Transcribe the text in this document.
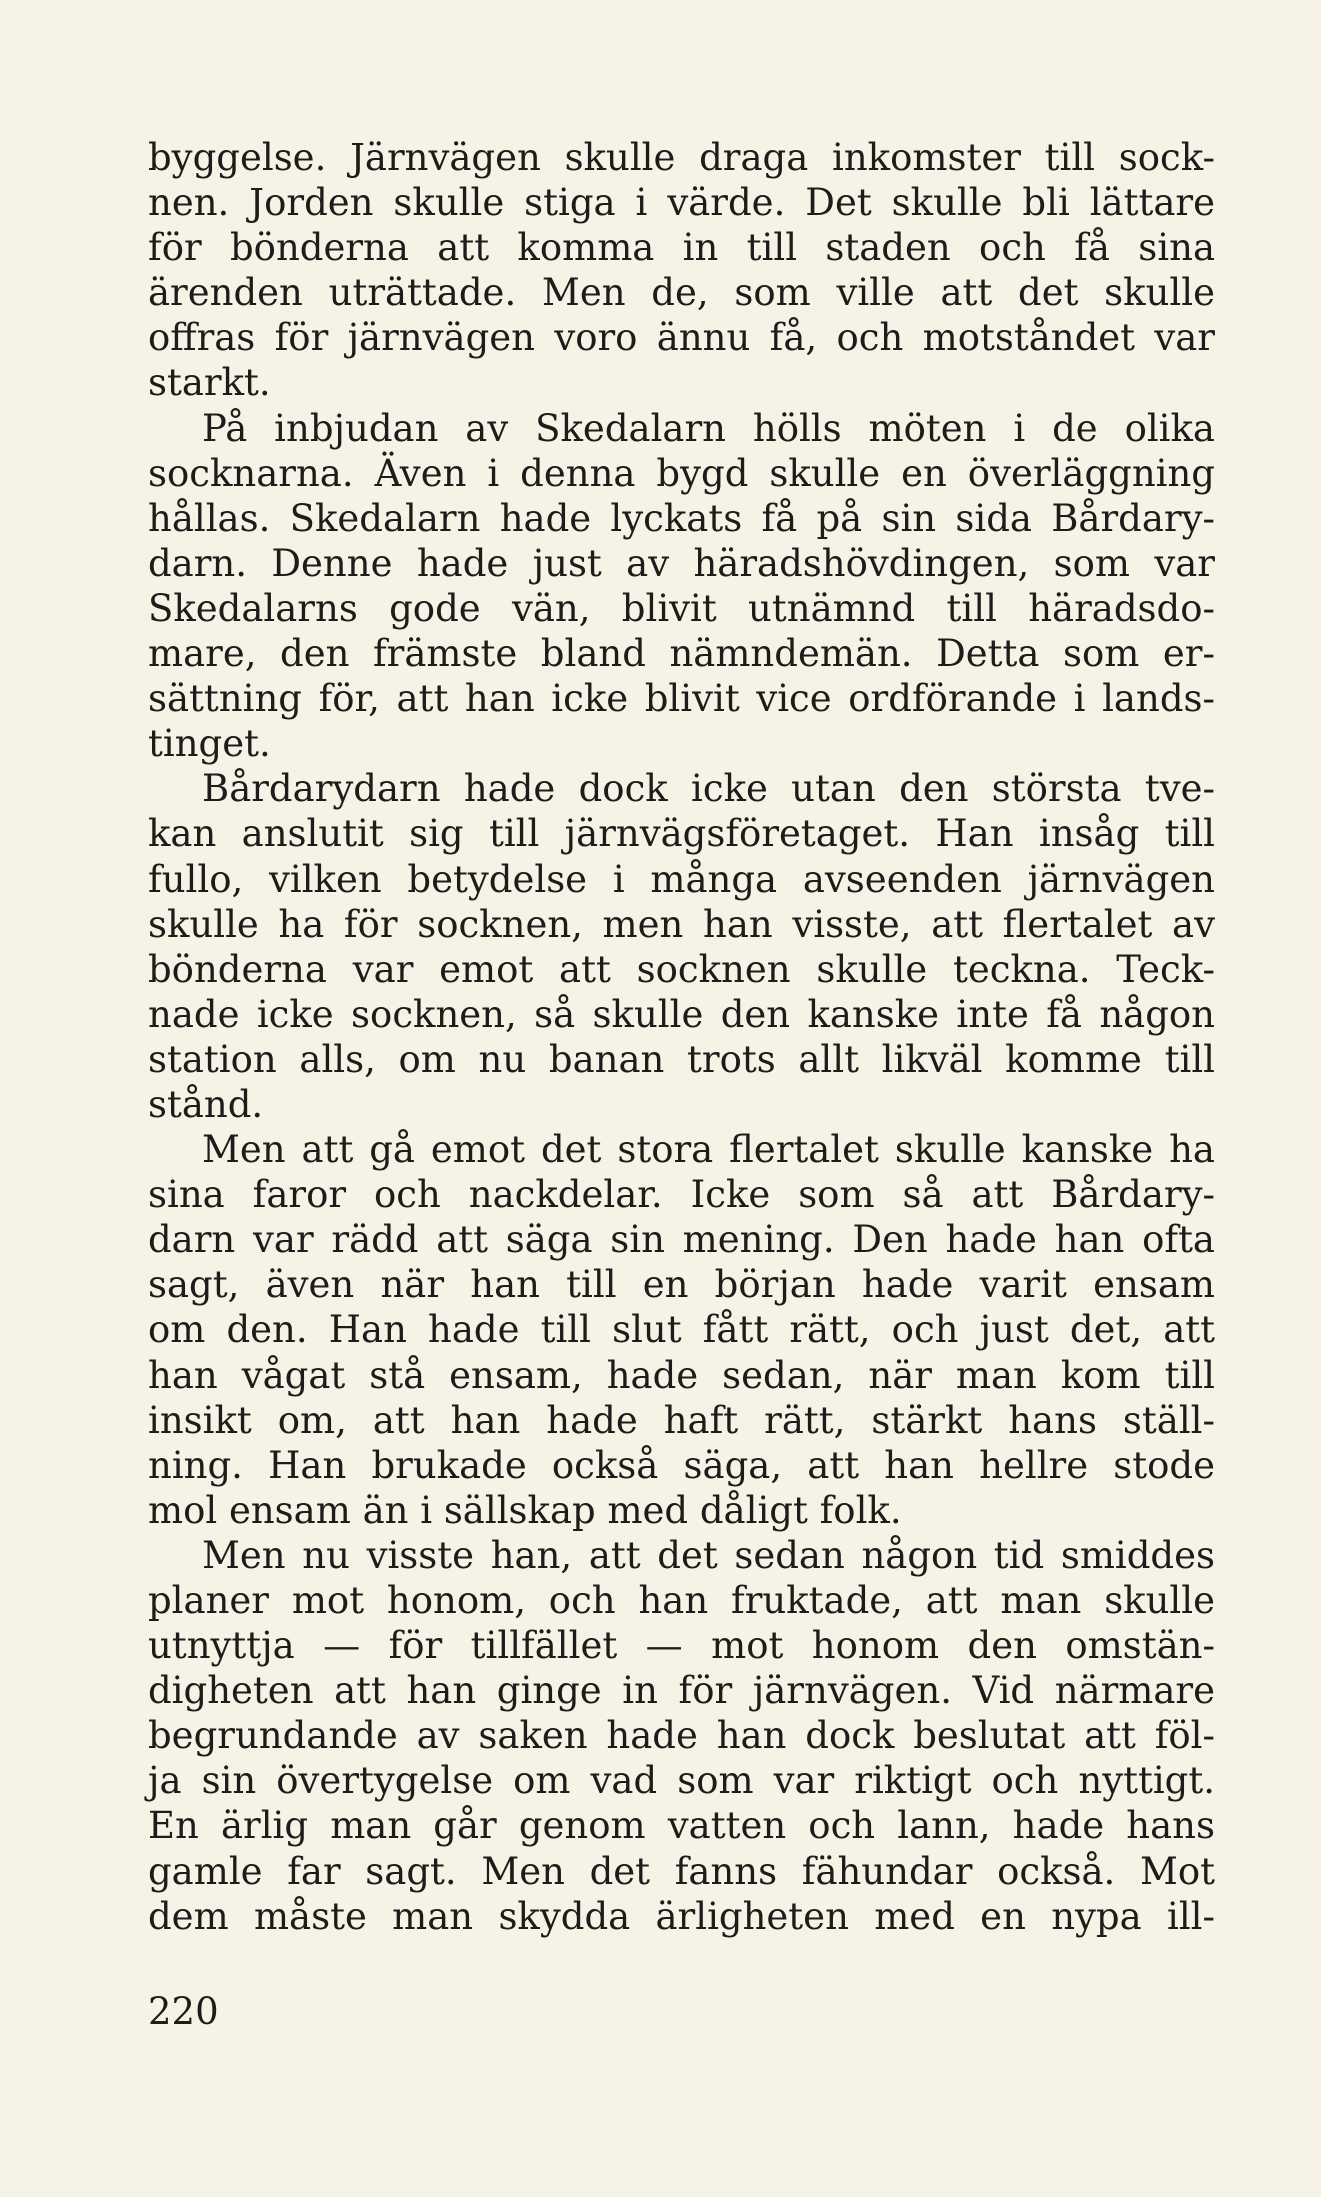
byggelse. Järnvägen skulle draga inkomster till sock-
nen. Jorden skulle stiga i värde. Det skulle bli lättare
för bönderna att komma in till staden och få sina
ärenden uträttade. Men de, som ville att det skulle
offras för järnvägen voro ännu få, och motståndet var
starkt.
På inbjudan av Skedalarn hölls möten i de olika
socknarna. Även i denna bygd skulle en överläggning
hållas. Skedalarn hade lyckats få på sin sida Bårdary-
darn. Denne hade just av häradshövdingen, som var
Skedalarns gode vän, blivit utnämnd till häradsdo-
mare, den främste bland nämndemän. Detta som er-
sättning för, att han icke blivit vice ordförande i lands-
tinget.
Bårdarydarn hade dock icke utan den största tve-
kan anslutit sig till järnvägsföretaget. Han insåg till
fullo, vilken betydelse i många avseenden järnvägen
skulle ha för socknen, men han visste, att flertalet av
bönderna var emot att socknen skulle teckna. Teck-
nade icke socknen, så skulle den kanske inte få någon
station alls, om nu banan trots allt likväl komme till
stånd.
Men att gå emot det stora flertalet skulle kanske ha
sina faror och nackdelar. Icke som så att Bårdary-
darn var rädd att säga sin mening. Den hade han ofta
sagt, även när han till en början hade varit ensam
om den. Han hade till slut fått rätt, och just det, att
han vågat stå ensam, hade sedan, när man kom till
insikt om, att han hade haft rätt, stärkt hans ställ-
ning. Han brukade också säga, att han hellre stode
mol ensam än i sällskap med dåligt folk.
Men nu visste han, att det sedan någon tid smiddes
planer mot honom, och han fruktade, att man skulle
utnyttja — för tillfället — mot honom den omstän-
digheten att han ginge in för järnvägen. Vid närmare
begrundande av saken hade han dock beslutat att föl-
ja sin övertygelse om vad som var riktigt och nyttigt.
En ärlig man går genom vatten och lann, hade hans
gamle far sagt. Men det fanns fähundar också. Mot
dem måste man skydda ärligheten med en nypa ill-
220
